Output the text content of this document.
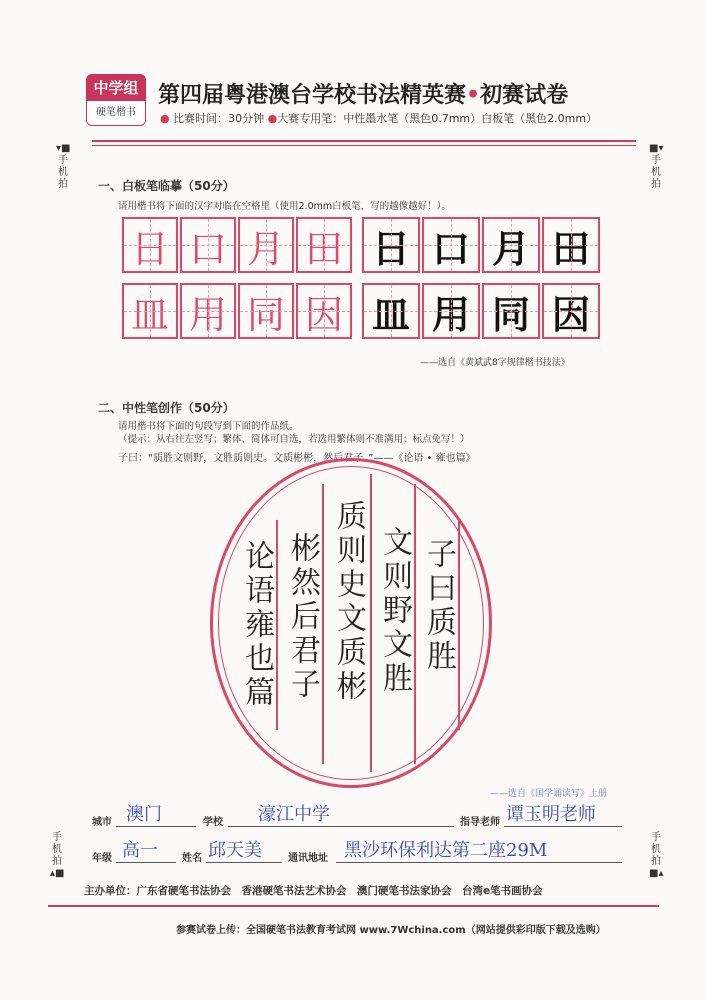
中学组
硬笔楷书
第四届粤港澳台学校书法精英赛•初赛试卷
● 比赛时间：30分钟 ●大赛专用笔：中性墨水笔（黑色0.7mm）白板笔（黑色2.0mm）
▾■
手机拍
■▾
手机拍
手机拍
▴■
手机拍
■▴
一、白板笔临摹（50分）
请用楷书将下面的汉字对临在空格里（使用2.0mm白板笔，写的越像越好！）。
日 口 月 田 日 口 月 田
皿 用 同 因 皿 用 同 因
——选自《黄斌武8字规律楷书技法》
二、中性笔创作（50分）
请用楷书将下面的句段写到下面的作品纸。
（提示：从右往左竖写；繁体、简体可自选，若选用繁体则不准满用；标点免写！）
子曰：“质胜文则野，文胜质则史。文质彬彬，然后君子。”——《论语 • 雍也篇》
子曰质胜
文则野文胜
质则史文质彬
彬然后君子
论语雍也篇
——选自《国学诵读写》上册
城市 澳门	学校 濠江中学	指导老师 谭玉明老师
年级 高一 姓名 邱天美	通讯地址 黑沙环保利达第二座29M
主办单位：广东省硬笔书法协会　香港硬笔书法艺术协会　澳门硬笔书法家协会　台湾e笔书画协会
参赛试卷上传：全国硬笔书法教育考试网 www.7Wchina.com（网站提供彩印版下载及选购）
